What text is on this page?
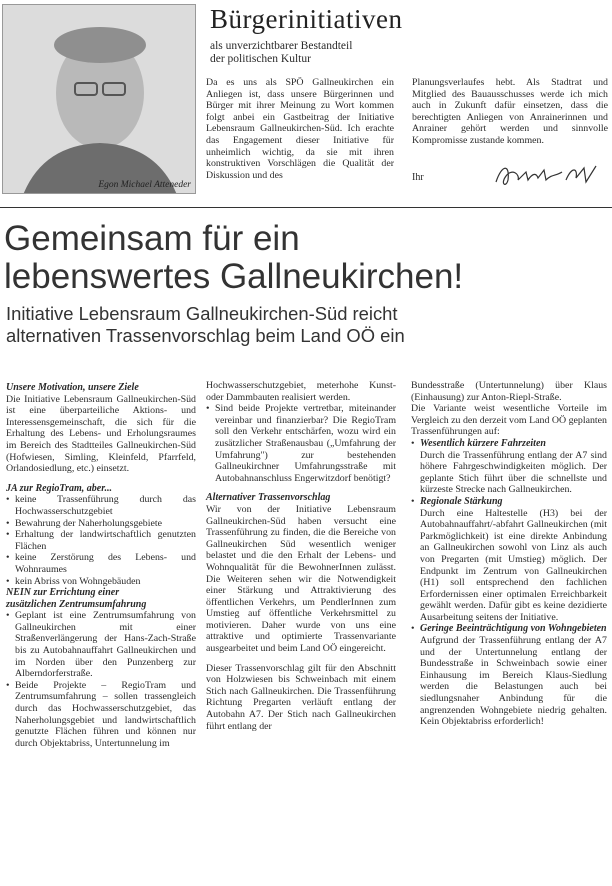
Egon Michael Atteneder
Bürgerinitiativen
als unverzichtbarer Bestandteil
der politischen Kultur
Da es uns als SPÖ Gallneukirchen ein Anliegen ist, dass unsere Bürgerinnen und Bürger mit ihrer Meinung zu Wort kommen folgt anbei ein Gastbeitrag der Initiative Lebensraum Gallneukirchen-Süd. Ich erachte das Engagement dieser Initiative für unheimlich wichtig, da sie mit ihren konstruktiven Vorschlägen die Qualität der Diskussion und des
Planungsverlaufes hebt. Als Stadtrat und Mitglied des Bauausschusses werde ich mich auch in Zukunft dafür einsetzen, dass die berechtigten Anliegen von Anrainerinnen und Anrainer gehört werden und sinnvolle Kompromisse zustande kommen.
Ihr
Gemeinsam für ein
lebenswertes Gallneukirchen!
Initiative Lebensraum Gallneukirchen-Süd reicht
alternativen Trassenvorschlag beim Land OÖ ein
Unsere Motivation, unsere Ziele

Die Initiative Lebensraum Gallneukirchen-Süd ist eine überparteiliche Aktions- und Interessensgemeinschaft, die sich für die Erhaltung des Lebens- und Erholungsraumes im Bereich des Stadtteiles Gallneukirchen-Süd (Hofwiesen, Simling, Kleinfeld, Pfarrfeld, Orlandosiedlung, etc.) einsetzt.

JA zur RegioTram, aber...
• keine Trassenführung durch das Hochwasserschutzgebiet
• Bewahrung der Naherholungsgebiete
• Erhaltung der landwirtschaftlich genutzten Flächen
• keine Zerstörung des Lebens- und Wohnraumes
• kein Abriss von Wohngebäuden
NEIN zur Errichtung einer
zusätzlichen Zentrumsumfahrung
• Geplant ist eine Zentrumsumfahrung von Gallneukirchen mit einer Straßenverlängerung der Hans-Zach-Straße bis zu Autobahnauffahrt Gallneukirchen und im Norden über den Punzenberg zur Alberndorferstraße.
• Beide Projekte – RegioTram und Zentrumsumfahrung – sollen trassengleich durch das Hochwasserschutzgebiet, das Naherholungsgebiet und landwirtschaftlich genutzte Flächen führen und können nur durch Objektabriss, Untertunnelung im

Hochwasserschutzgebiet, meterhohe Kunst- oder Dammbauten realisiert werden.

• Sind beide Projekte vertretbar, miteinander vereinbar und finanzierbar? Die RegioTram soll den Verkehr entschärfen, wozu wird ein zusätzlicher Straßenausbau („Umfahrung der Umfahrung") zur bestehenden Gallneukirchner Umfahrungsstraße mit Autobahnanschluss Engerwitzdorf benötigt?
Alternativer Trassenvorschlag

Wir von der Initiative Lebensraum Gallneukirchen-Süd haben versucht eine Trassenführung zu finden, die die Bereiche von Gallneukirchen Süd wesentlich weniger belastet und die den Erhalt der Lebens- und Wohnqualität für die BewohnerInnen zulässt. Die Weiteren sehen wir die Notwendigkeit einer Stärkung und Attraktivierung des öffentlichen Verkehrs, um PendlerInnen zum Umstieg auf öffentliche Verkehrsmittel zu motivieren. Daher wurde von uns eine attraktive und optimierte Trassenvariante ausgearbeitet und beim Land OÖ eingereicht.

Dieser Trassenvorschlag gilt für den Abschnitt von Holzwiesen bis Schweinbach mit einem Stich nach Gallneukirchen. Die Trassenführung Richtung Pregarten verläuft entlang der Autobahn A7. Der Stich nach Gallneukirchen führt entlang der

Bundesstraße (Untertunnelung) über Klaus (Einhausung) zur Anton-Riepl-Straße.

Die Variante weist wesentliche Vorteile im Vergleich zu den derzeit vom Land OÖ geplanten Trassenführungen auf:

• Wesentlich kürzere Fahrzeiten
Durch die Trassenführung entlang der A7 sind höhere Fahrgeschwindigkeiten möglich. Der geplante Stich führt über die schnellste und kürzeste Strecke nach Gallneukirchen.
• Regionale Stärkung
Durch eine Haltestelle (H3) bei der Autobahnauffahrt/-abfahrt Gallneukirchen (mit Parkmöglichkeit) ist eine direkte Anbindung an Gallneukirchen sowohl von Linz als auch von Pregarten (mit Umstieg) möglich. Der Endpunkt im Zentrum von Gallneukirchen (H1) soll entsprechend den fachlichen Erfordernissen einer optimalen Erreichbarkeit gewählt werden. Dafür gibt es keine dezidierte Ausarbeitung seitens der Initiative.
• Geringe Beeinträchtigung von Wohngebieten
Aufgrund der Trassenführung entlang der A7 und der Untertunnelung entlang der Bundesstraße in Schweinbach sowie einer Einhausung im Bereich Klaus-Siedlung werden die Belastungen auch bei siedlungsnaher Anbindung für die angrenzenden Wohngebiete niedrig gehalten. Kein Objektabriss erforderlich!
